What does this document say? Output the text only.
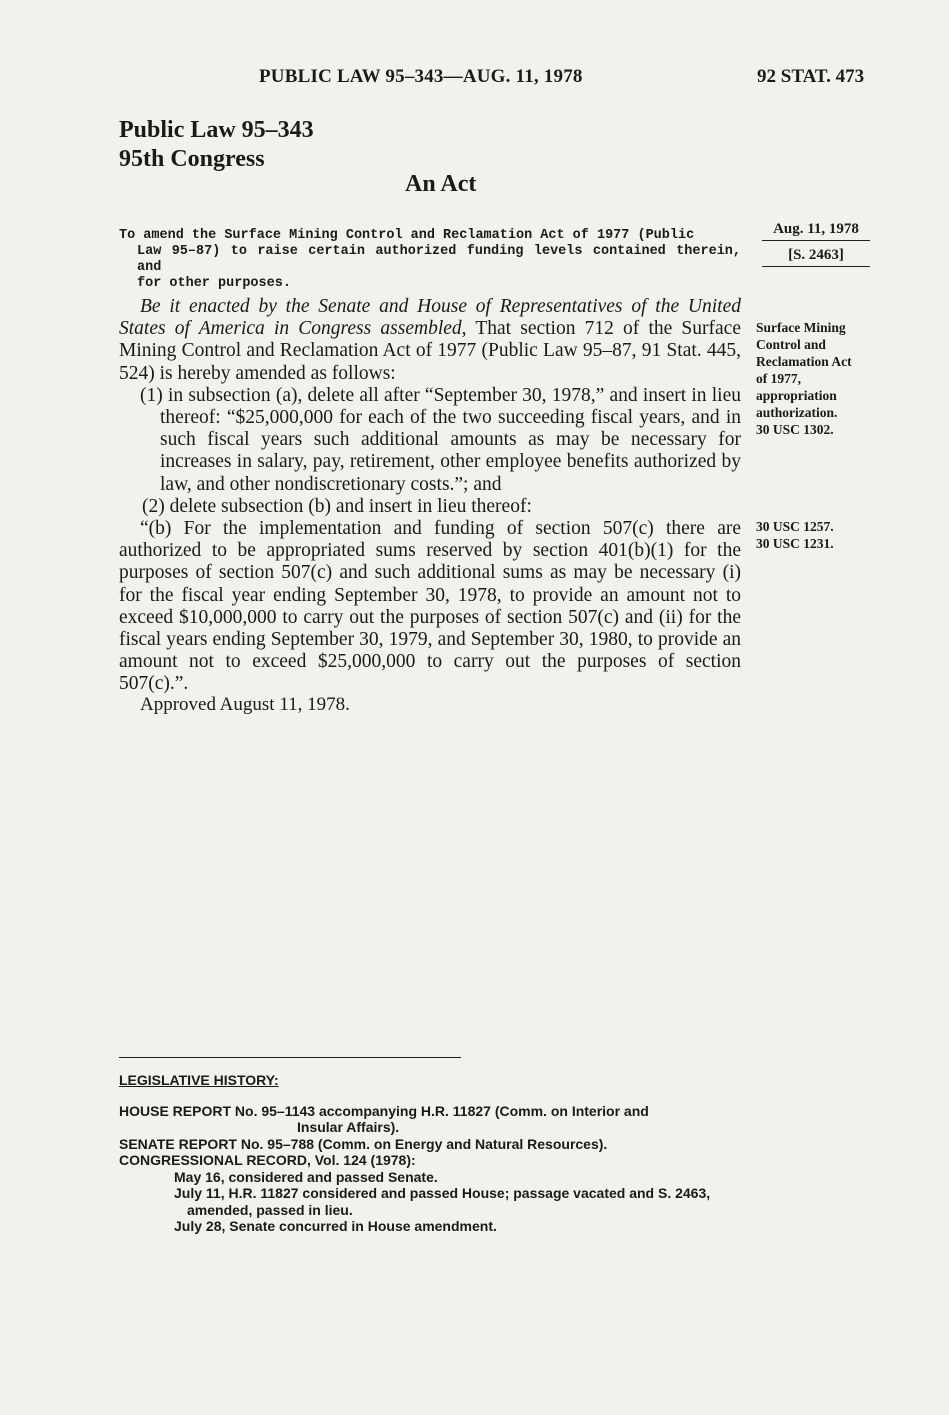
PUBLIC LAW 95–343—AUG. 11, 1978	92 STAT. 473
Public Law 95–343
95th Congress
An Act
To amend the Surface Mining Control and Reclamation Act of 1977 (Public

Law 95–87) to raise certain authorized funding levels contained therein, and
for other purposes.
Aug. 11, 1978
[S. 2463]

Be it enacted by the Senate and House of Representatives of the United States of America in Congress assembled, That section 712 of the Surface Mining Control and Reclamation Act of 1977 (Public Law 95–87, 91 Stat. 445, 524) is hereby amended as follows:

(1) in subsection (a), delete all after “September 30, 1978,” and insert in lieu thereof: “$25,000,000 for each of the two succeeding fiscal years, and in such fiscal years such additional amounts as may be necessary for increases in salary, pay, retirement, other employee benefits authorized by law, and other nondiscretionary costs.”; and

(2) delete subsection (b) and insert in lieu thereof:

“(b) For the implementation and funding of section 507(c) there are authorized to be appropriated sums reserved by section 401(b)(1) for the purposes of section 507(c) and such additional sums as may be necessary (i) for the fiscal year ending September 30, 1978, to provide an amount not to exceed $10,000,000 to carry out the purposes of section 507(c) and (ii) for the fiscal years ending September 30, 1979, and September 30, 1980, to provide an amount not to exceed $25,000,000 to carry out the purposes of section 507(c).”.

Surface Mining
Control and
Reclamation Act
of 1977,
appropriation
authorization.
30 USC 1302.
30 USC 1257.
30 USC 1231.
Approved August 11, 1978.
LEGISLATIVE HISTORY:
HOUSE REPORT No. 95–1143 accompanying H.R. 11827 (Comm. on Interior and
Insular Affairs).
SENATE REPORT No. 95–788 (Comm. on Energy and Natural Resources).
CONGRESSIONAL RECORD, Vol. 124 (1978):
May 16, considered and passed Senate.
July 11, H.R. 11827 considered and passed House; passage vacated and S. 2463,
amended, passed in lieu.
July 28, Senate concurred in House amendment.
